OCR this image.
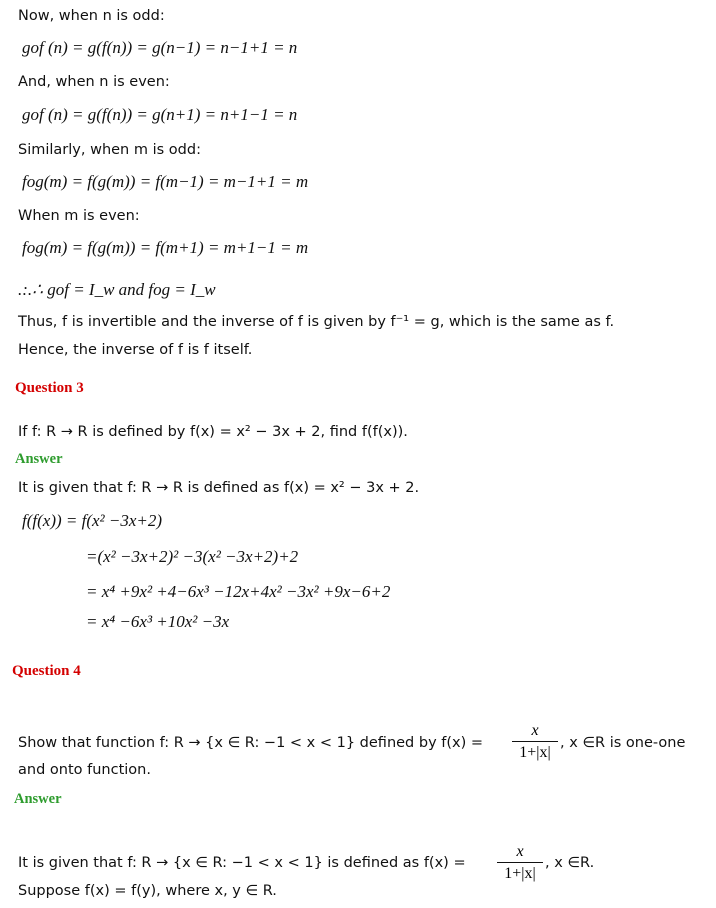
Now, when n is odd:
gof (n) = g(f(n)) = g(n−1) = n−1+1 = n
And, when n is even:
gof (n) = g(f(n)) = g(n+1) = n+1−1 = n
Similarly, when m is odd:
fog(m) = f(g(m)) = f(m−1) = m−1+1 = m
When m is even:
fog(m) = f(g(m)) = f(m+1) = m+1−1 = m
.:.∴ gof = I_w and fog = I_w
Thus, f is invertible and the inverse of f is given by f⁻¹ = g, which is the same as f.
Hence, the inverse of f is f itself.
Question 3
If f: R → R is defined by f(x) = x² − 3x + 2, find f(f(x)).
Answer
It is given that f: R → R is defined as f(x) = x² − 3x + 2.
f(f(x)) = f(x² −3x+2)
=(x² −3x+2)² −3(x² −3x+2)+2
= x⁴ +9x² +4−6x³ −12x+4x² −3x² +9x−6+2
= x⁴ −6x³ +10x² −3x
Question 4
Show that function f: R → {x ∈ R: −1 < x < 1} defined by f(x) =
x
1+|x|
, x ∈R is one-one
and onto function.
Answer
It is given that f: R → {x ∈ R: −1 < x < 1} is defined as f(x) =
x
1+|x|
, x ∈R.
Suppose f(x) = f(y), where x, y ∈ R.
